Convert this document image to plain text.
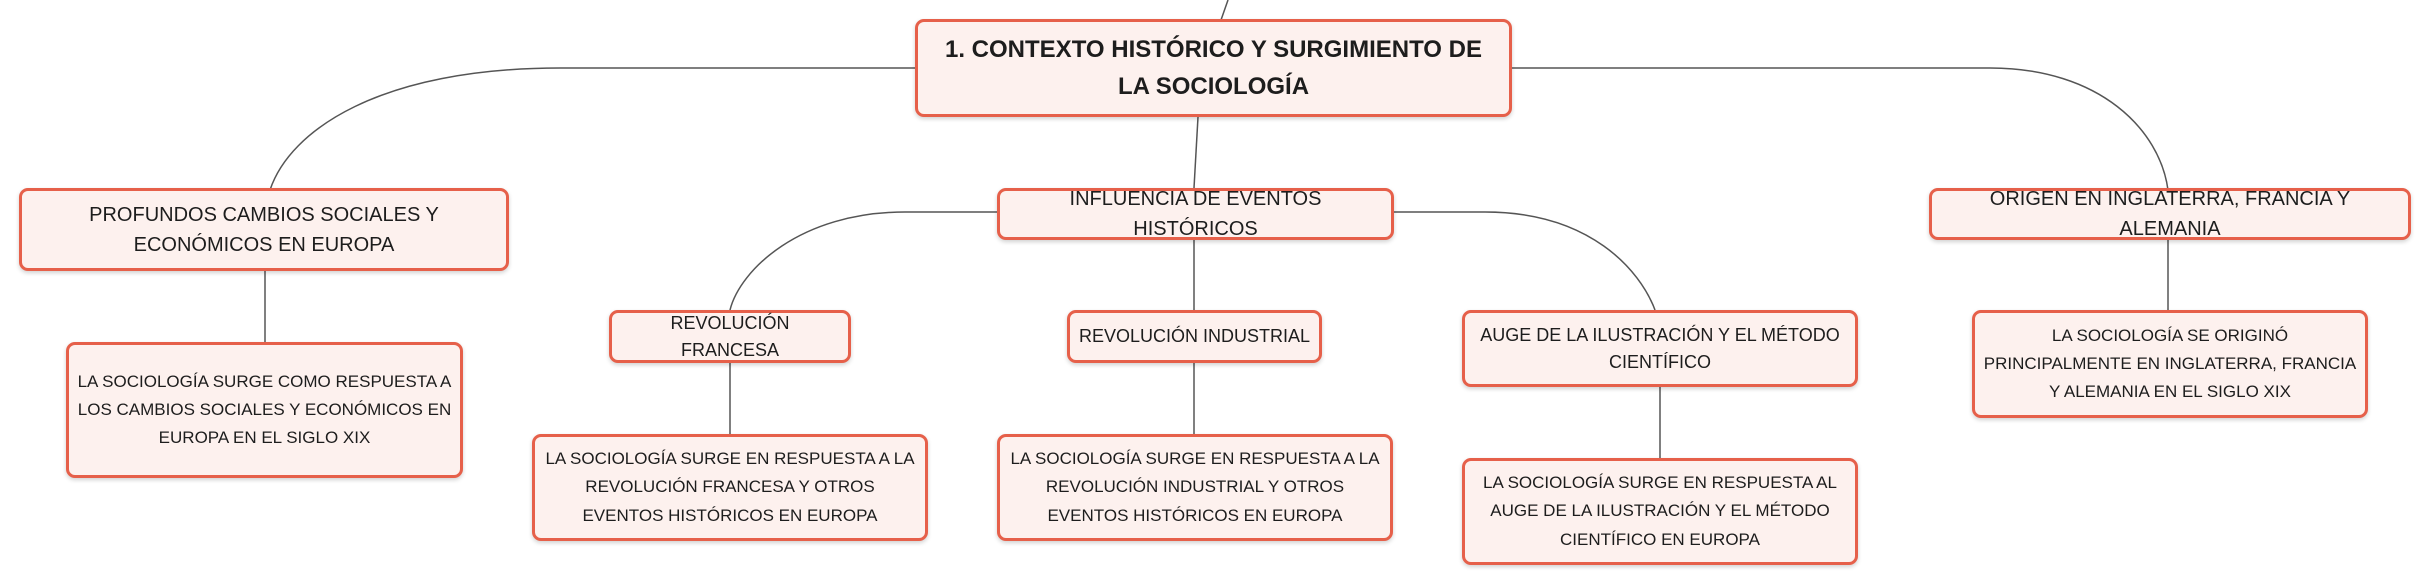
1. CONTEXTO HISTÓRICO Y SURGIMIENTO DE LA SOCIOLOGÍA
PROFUNDOS CAMBIOS SOCIALES Y ECONÓMICOS EN EUROPA
INFLUENCIA DE EVENTOS HISTÓRICOS
ORIGEN EN INGLATERRA, FRANCIA Y ALEMANIA
REVOLUCIÓN FRANCESA
REVOLUCIÓN INDUSTRIAL	AUGE DE LA ILUSTRACIÓN Y EL MÉTODO CIENTÍFICO
LA SOCIOLOGÍA SURGE COMO RESPUESTA A LOS CAMBIOS SOCIALES Y ECONÓMICOS EN EUROPA EN EL SIGLO XIX
LA SOCIOLOGÍA SURGE EN RESPUESTA A LA REVOLUCIÓN FRANCESA Y OTROS EVENTOS HISTÓRICOS EN EUROPA
LA SOCIOLOGÍA SURGE EN RESPUESTA A LA REVOLUCIÓN INDUSTRIAL Y OTROS EVENTOS HISTÓRICOS EN EUROPA
LA SOCIOLOGÍA SURGE EN RESPUESTA AL AUGE DE LA ILUSTRACIÓN Y EL MÉTODO CIENTÍFICO EN EUROPA
LA SOCIOLOGÍA SE ORIGINÓ PRINCIPALMENTE EN INGLATERRA, FRANCIA Y ALEMANIA EN EL SIGLO XIX
